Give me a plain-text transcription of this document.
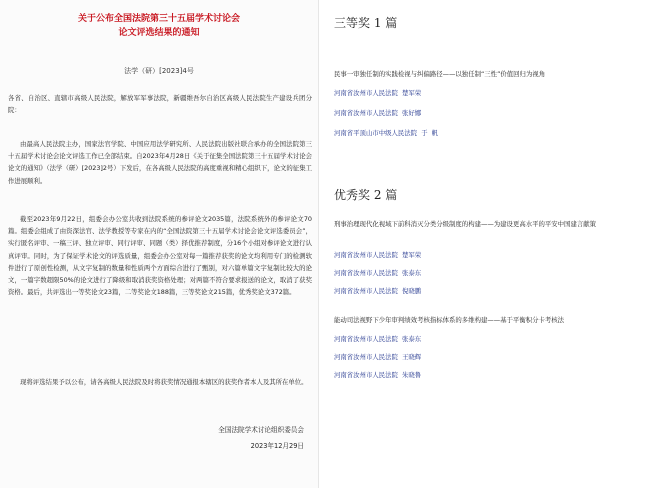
关于公布全国法院第三十五届学术讨论会
论文评选结果的通知
法学（研）[2023]4号
各省、自治区、直辖市高级人民法院，解放军军事法院，新疆维吾尔自治区高级人民法院生产建设兵团分院：
由最高人民法院主办，国家法官学院、中国应用法学研究所、人民法院出版社联合承办的全国法院第三十五届学术讨论会论文评选工作已全部结束。自2023年4月28日《关于征集全国法院第三十五届学术讨论会论文的通知》（法学（研）[2023]2号）下发后，在各高级人民法院的高度重视和精心组织下，论文的征集工作进展顺利。
截至2023年9月22日，组委会办公室共收到法院系统的参评论文2035篇，法院系统外的参评论文70篇。组委会组成了由资深法官、法学教授等专家在内的“全国法院第三十五届学术讨论会论文评选委员会”，实行匿名评审、一稿三评、独立评审、同行评审、同题（类）择优推荐制度，分16个小组对参评论文进行认真评审。同时，为了保证学术论文的评选质量，组委会办公室对每一篇推荐获奖的论文均利用专门的检测软件进行了原创性检测，从文字复制的数量和性质两个方面综合进行了甄别，对六篇单篇文字复制比较大的论文，一篇字数超限50%的论文进行了降级和取消获奖资格处理；对两篇不符合要求报送的论文，取消了获奖资格。最后，共评选出一等奖论文23篇，二等奖论文188篇，三等奖论文215篇，优秀奖论文372篇。
现将评选结果予以公布，请各高级人民法院及时将获奖情况通报本辖区的获奖作者本人及其所在单位。
全国法院学术讨论组织委员会
2023年12月29日
三等奖 1 篇
民事一审独任制的实践检视与纠偏路径——以独任制“三性”价值回归为视角
河南省汝州市人民法院  楚军荣
河南省汝州市人民法院  张好娜
河南省平顶山市中级人民法院  于  帆
优秀奖 2 篇
刑事治理现代化视域下前科消灭分类分级制度的构建——为建设更高水平的平安中国建言献策
河南省汝州市人民法院  楚军荣
河南省汝州市人民法院  张泰东
河南省汝州市人民法院  倪晓鹏
能动司法视野下少年审判绩效考核指标体系的多维构建——基于平衡积分卡考核法
河南省汝州市人民法院  张泰东
河南省汝州市人民法院  王晓辉
河南省汝州市人民法院  朱晓鲁
